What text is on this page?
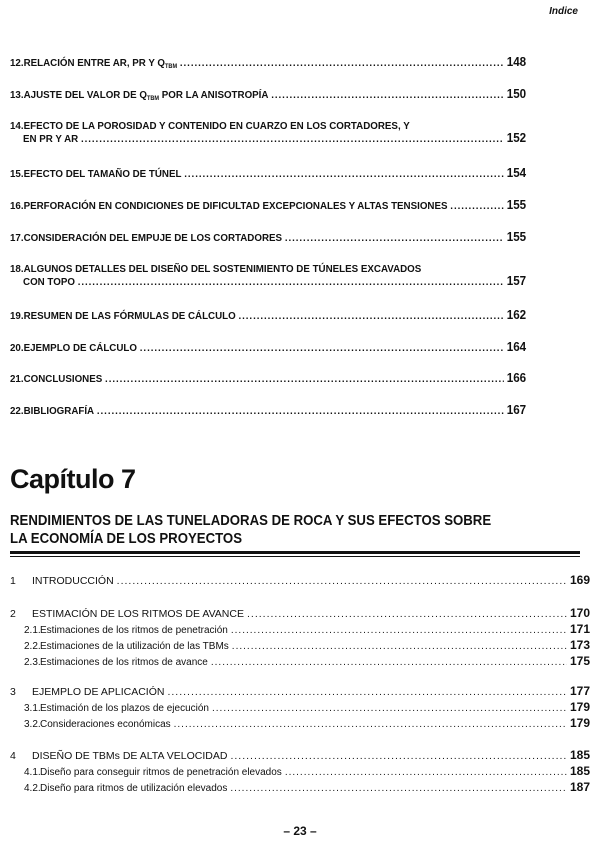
Indice
12.RELACIÓN ENTRE AR, PR Y $Q_{TBM}$ .....	148
13.AJUSTE DEL VALOR DE $Q_{TBM}$ POR LA ANISOTROPÍA .....	150
14.EFECTO DE LA POROSIDAD Y CONTENIDO EN CUARZO EN LOS CORTADORES, Y
EN PR Y AR .....	152
15.EFECTO DEL TAMAÑO DE TÚNEL .....	154
16.PERFORACIÓN EN CONDICIONES DE DIFICULTAD EXCEPCIONALES Y ALTAS TENSIONES .....	155
17.CONSIDERACIÓN DEL EMPUJE DE LOS CORTADORES .....	155
18.ALGUNOS DETALLES DEL DISEÑO DEL SOSTENIMIENTO DE TÚNELES EXCAVADOS
CON TOPO .....	157
19.RESUMEN DE LAS FÓRMULAS DE CÁLCULO .....	162
20.EJEMPLO DE CÁLCULO .....	164
21.CONCLUSIONES .....	166
22.BIBLIOGRAFÍA .....	167
Capítulo 7
RENDIMIENTOS DE LAS TUNELADORAS DE ROCA Y SUS EFECTOS SOBRE
LA ECONOMÍA DE LOS PROYECTOS
1 INTRODUCCIÓN .....	169
2 ESTIMACIÓN DE LOS RITMOS DE AVANCE .....	170
2.1.Estimaciones de los ritmos de penetración .....	171
2.2.Estimaciones de la utilización de las TBMs .....	173
2.3.Estimaciones de los ritmos de avance .....	175
3 EJEMPLO DE APLICACIÓN .....	177
3.1.Estimación de los plazos de ejecución .....	179
3.2.Consideraciones económicas .....	179
4 DISEÑO DE TBMs DE ALTA VELOCIDAD .....	185
4.1.Diseño para conseguir ritmos de penetración elevados .....	185
4.2.Diseño para ritmos de utilización elevados .....	187
– 23 –
